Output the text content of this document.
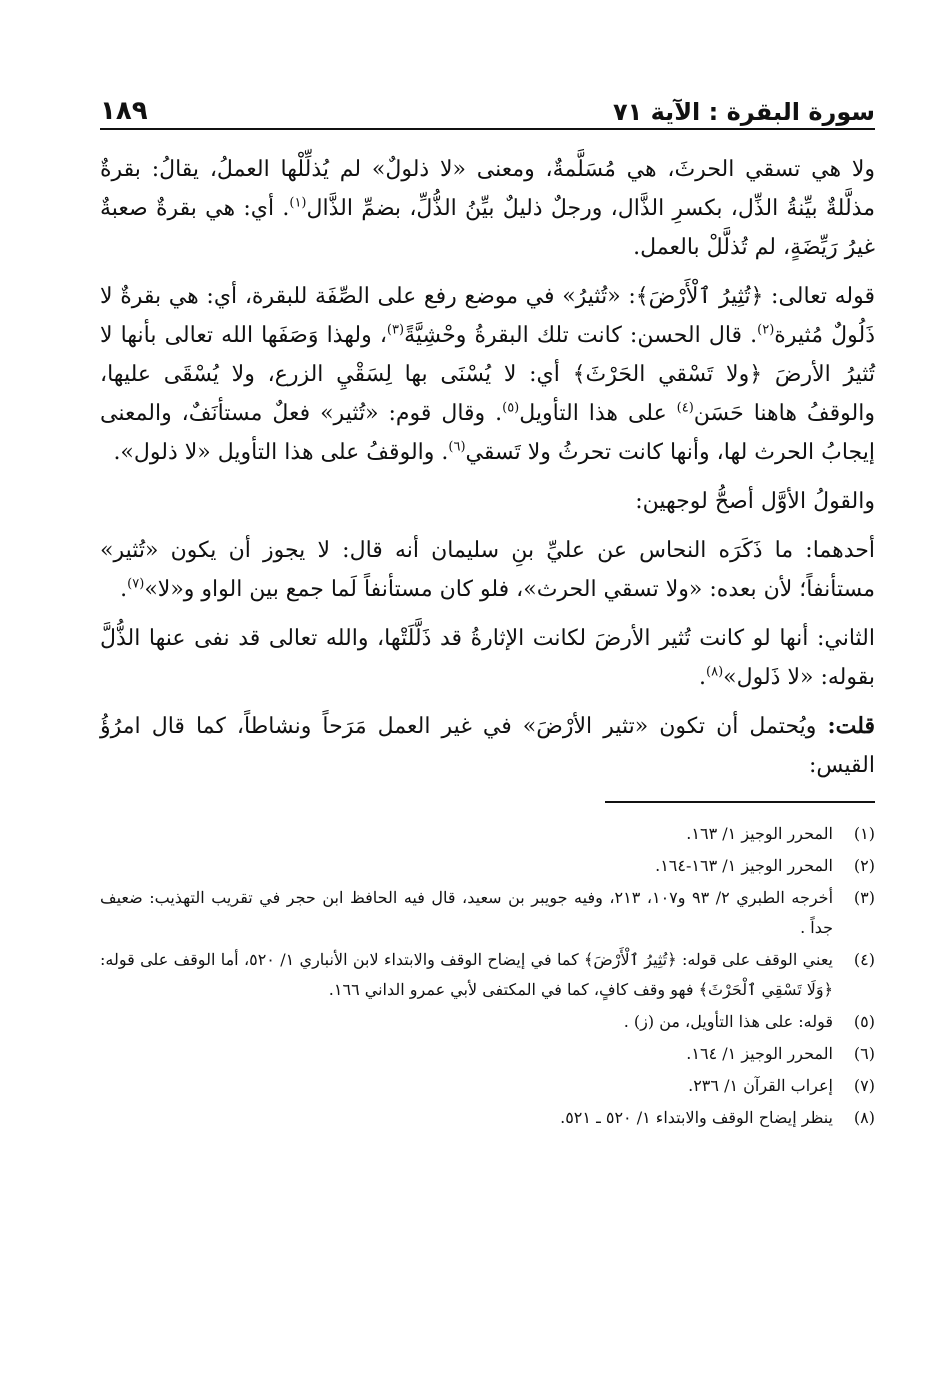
سورة البقرة : الآية ٧١
١٨٩

ولا هي تسقي الحرثَ، هي مُسَلَّمةٌ، ومعنى «لا ذلولٌ» لم يُذلِّلْها العملُ، يقالُ: بقرةٌ مذلَّلةٌ بيِّنةُ الذِّل، بكسرِ الذَّال، ورجلٌ ذليلٌ بيِّنُ الذُّلِّ، بضمِّ الذَّال$^{(١)}$. أي: هي بقرةٌ صعبةٌ غيرُ رَيِّضَةٍ، لم تُذلَّلْ بالعمل.

قوله تعالى: ﴿تُثِيرُ ٱلْأَرْضَ﴾: «تُثيرُ» في موضع رفع على الصِّفَة للبقرة، أي: هي بقرةٌ لا ذَلُولٌ مُثيرة$^{(٢)}$. قال الحسن: كانت تلك البقرةُ وحْشِيَّةً$^{(٣)}$، ولهذا وَصَفَها الله تعالى بأنها لا تُثيرُ الأرضَ ﴿ولا تَسْقي الحَرْثَ﴾ أي: لا يُسْنَى بها لِسَقْيِ الزرع، ولا يُسْقَى عليها، والوقفُ هاهنا حَسَن$^{(٤)}$ على هذا التأويل$^{(٥)}$. وقال قوم: «تُثير» فعلٌ مستأنَفٌ، والمعنى إيجابُ الحرث لها، وأنها كانت تحرثُ ولا تَسقي$^{(٦)}$. والوقفُ على هذا التأويل «لا ذلول».

والقولُ الأوَّل أصحُّ لوجهين:

أحدهما: ما ذَكَرَه النحاس عن عليِّ بنِ سليمان أنه قال: لا يجوز أن يكون «تُثير» مستأنفاً؛ لأن بعده: «ولا تسقي الحرث»، فلو كان مستأنفاً لَما جمع بين الواو و«لا»$^{(٧)}$.

الثاني: أنها لو كانت تُثير الأرضَ لكانت الإثارةُ قد ذَلَّلَتْها، والله تعالى قد نفى عنها الذُّلَّ بقوله: «لا ذَلول»$^{(٨)}$.

قلت: ويُحتمل أن تكون «تثير الأرْضَ» في غير العمل مَرَحاً ونشاطاً، كما قال امرُؤُ القيس:

(١)
المحرر الوجيز ١/ ١٦٣.
(٢)
المحرر الوجيز ١/ ١٦٣-١٦٤.
(٣)
أخرجه الطبري ٢/ ٩٣ و١٠٧، ٢١٣، وفيه جويبر بن سعيد، قال فيه الحافظ ابن حجر في تقريب التهذيب: ضعيف جداً .
(٤)
يعني الوقف على قوله: ﴿تُثِيرُ ٱلْأَرْضَ﴾ كما في إيضاح الوقف والابتداء لابن الأنباري ١/ ٥٢٠، أما الوقف على قوله: ﴿وَلَا تَسْقِي ٱلْحَرْثَ﴾ فهو وقف كافٍ، كما في المكتفى لأبي عمرو الداني ١٦٦.
(٥)
قوله: على هذا التأويل، من (ز) .
(٦)
المحرر الوجيز ١/ ١٦٤.
(٧)
إعراب القرآن ١/ ٢٣٦.
(٨)
ينظر إيضاح الوقف والابتداء ١/ ٥٢٠ ـ ٥٢١.
